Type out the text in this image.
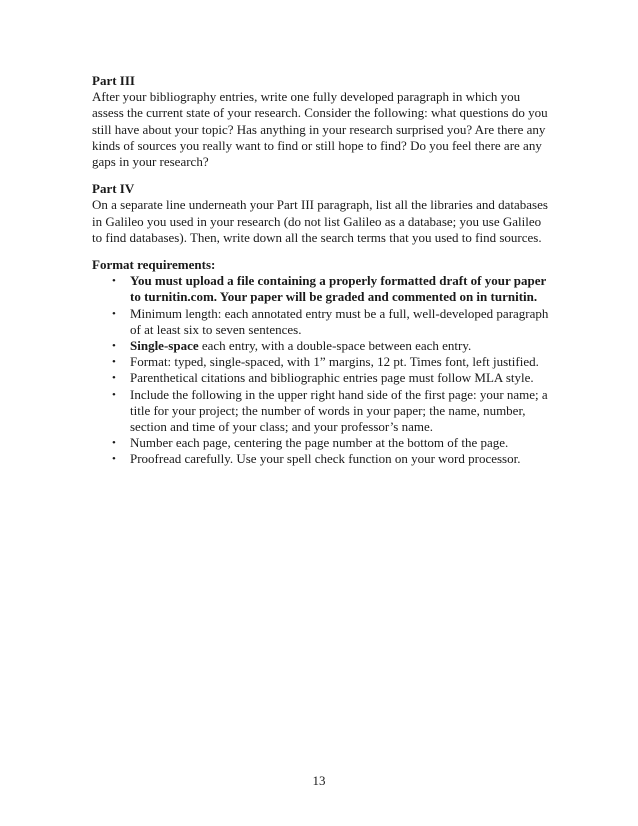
Part III

After your bibliography entries, write one fully developed paragraph in which you assess the current state of your research. Consider the following: what questions do you still have about your topic? Has anything in your research surprised you? Are there any kinds of sources you really want to find or still hope to find? Do you feel there are any gaps in your research?

Part IV

On a separate line underneath your Part III paragraph, list all the libraries and databases in Galileo you used in your research (do not list Galileo as a database; you use Galileo to find databases). Then, write down all the search terms that you used to find sources.

Format requirements:

• You must upload a file containing a properly formatted draft of your paper to turnitin.com. Your paper will be graded and commented on in turnitin.
• Minimum length: each annotated entry must be a full, well-developed paragraph of at least six to seven sentences.
• Single-space each entry, with a double-space between each entry.
• Format: typed, single-spaced, with 1” margins, 12 pt. Times font, left justified.
• Parenthetical citations and bibliographic entries page must follow MLA style.
• Include the following in the upper right hand side of the first page: your name; a title for your project; the number of words in your paper; the name, number, section and time of your class; and your professor’s name.
• Number each page, centering the page number at the bottom of the page.
• Proofread carefully. Use your spell check function on your word processor.
13
